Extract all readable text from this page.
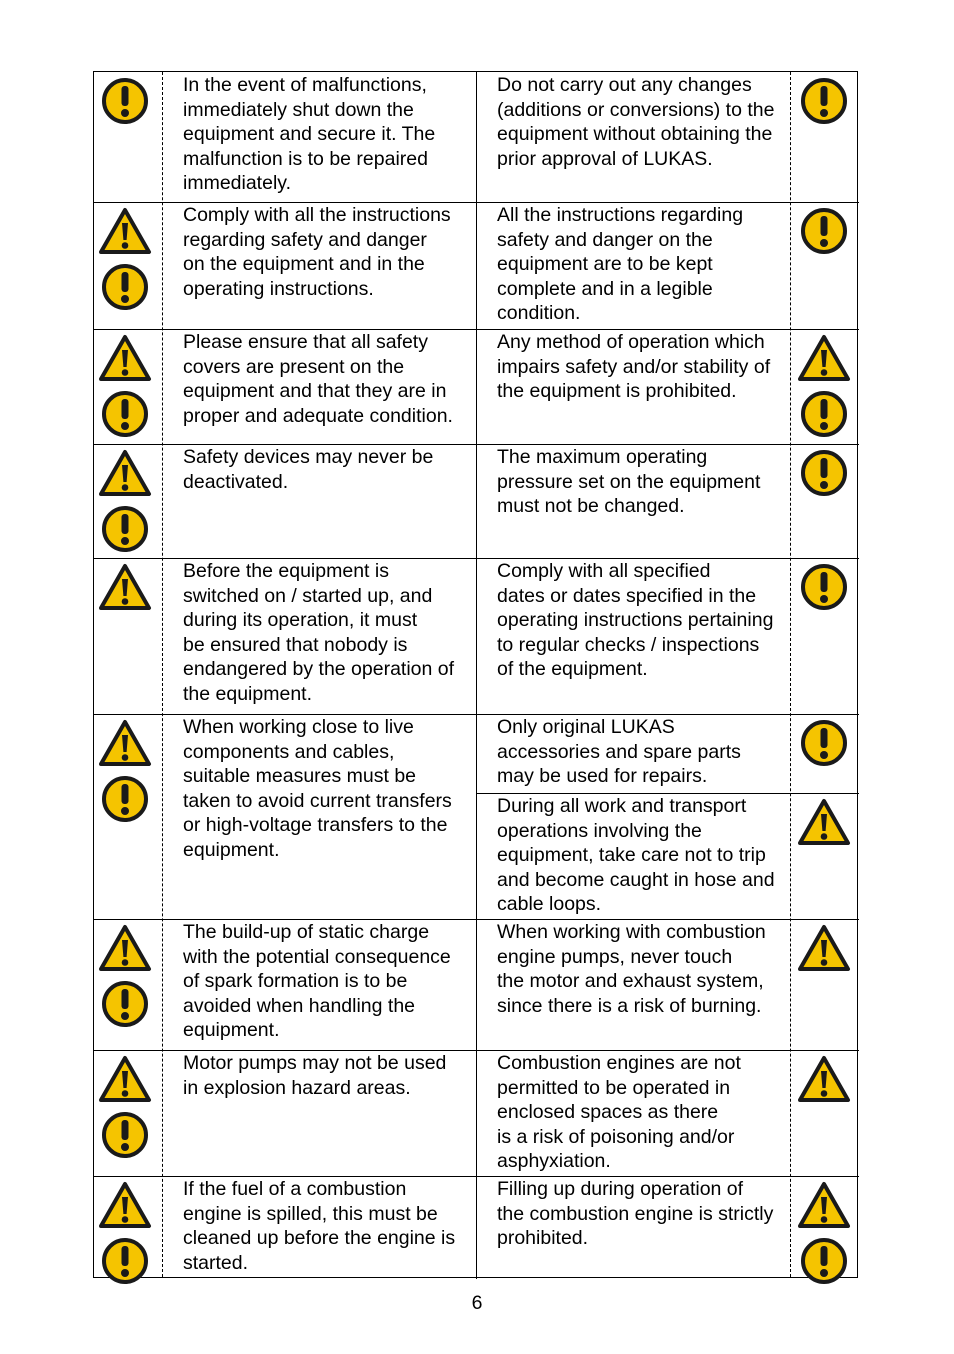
6
In the event of malfunctions,
immediately shut down the
equipment and secure it. The
malfunction is to be repaired
immediately.
Do not carry out any changes
(additions or conversions) to the
equipment without obtaining the
prior approval of LUKAS.
Comply with all the instructions
regarding safety and danger
on the equipment and in the
operating instructions.
All the instructions regarding
safety and danger on the
equipment are to be kept
complete and in a legible
condition.
Please ensure that all safety
covers are present on the
equipment and that they are in
proper and adequate condition.
Any method of operation which
impairs safety and/or stability of
the equipment is prohibited.
Safety devices may never be
deactivated.
The maximum operating
pressure set on the equipment
must not be changed.
Before the equipment is
switched on / started up, and
during its operation, it must
be ensured that nobody is
endangered by the operation of
the equipment.
Comply with all specified
dates or dates specified in the
operating instructions pertaining
to regular checks / inspections
of the equipment.
When working close to live
components and cables,
suitable measures must be
taken to avoid current transfers
or high-voltage transfers to the
equipment.
Only original LUKAS
accessories and spare parts
may be used for repairs.
During all work and transport
operations involving the
equipment, take care not to trip
and become caught in hose and
cable loops.
The build-up of static charge
with the potential consequence
of spark formation is to be
avoided when handling the
equipment.
When working with combustion
engine pumps, never touch
the motor and exhaust system,
since there is a risk of burning.
Motor pumps may not be used
in explosion hazard areas.
Combustion engines are not
permitted to be operated in
enclosed spaces as there
is a risk of poisoning and/or
asphyxiation.
If the fuel of a combustion
engine is spilled, this must be
cleaned up before the engine is
started.
Filling up during operation of
the combustion engine is strictly
prohibited.
